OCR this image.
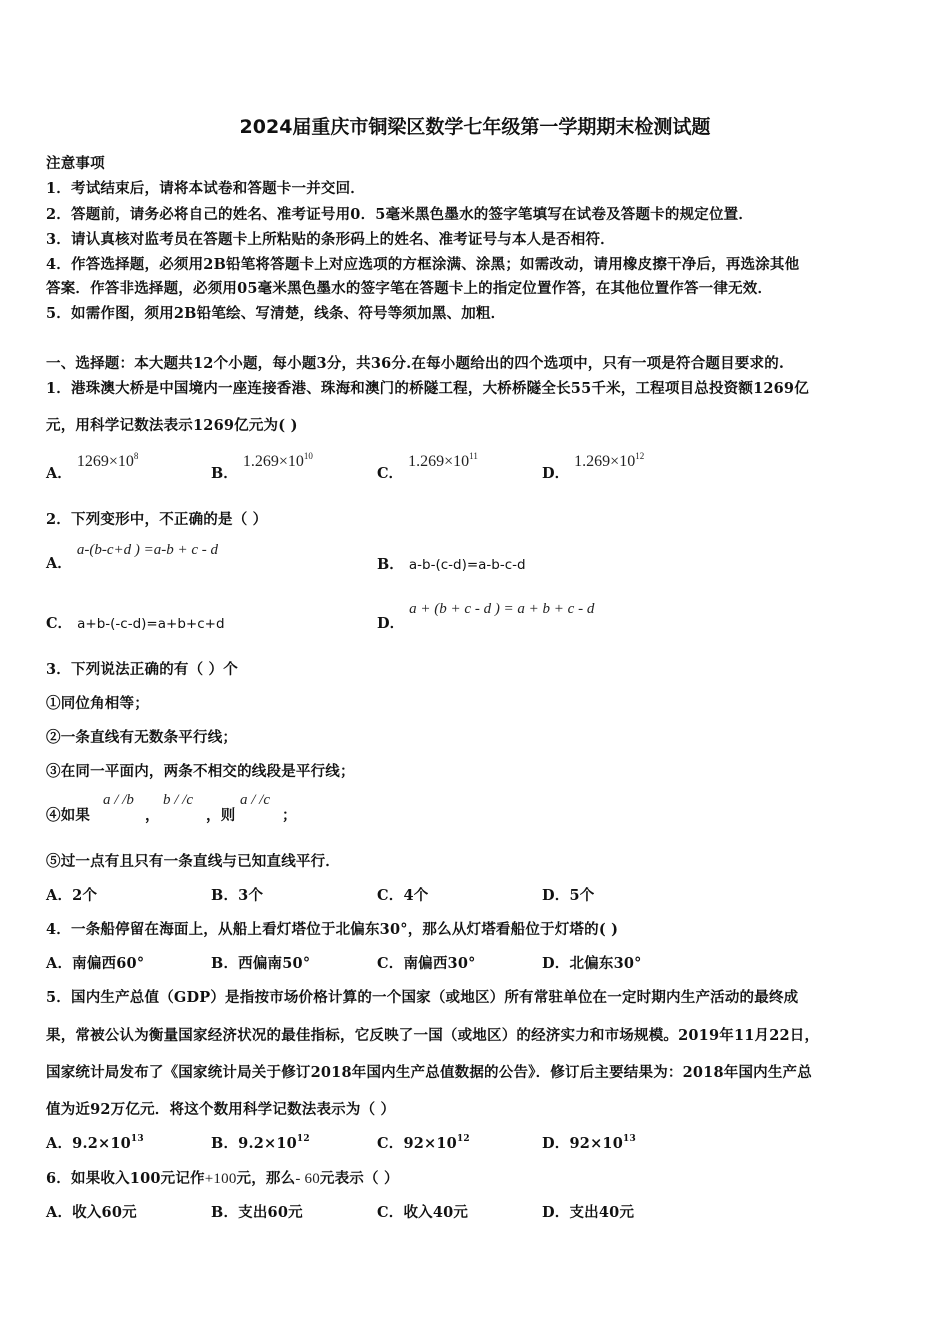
2024届重庆市铜梁区数学七年级第一学期期末检测试题
注意事项
1．考试结束后，请将本试卷和答题卡一并交回．
2．答题前，请务必将自己的姓名、准考证号用0．5毫米黑色墨水的签字笔填写在试卷及答题卡的规定位置．
3．请认真核对监考员在答题卡上所粘贴的条形码上的姓名、准考证号与本人是否相符．
4．作答选择题，必须用2B铅笔将答题卡上对应选项的方框涂满、涂黑；如需改动，请用橡皮擦干净后，再选涂其他
答案．作答非选择题，必须用05毫米黑色墨水的签字笔在答题卡上的指定位置作答，在其他位置作答一律无效．
5．如需作图，须用2B铅笔绘、写清楚，线条、符号等须加黑、加粗．
一、选择题：本大题共12个小题，每小题3分，共36分.在每小题给出的四个选项中，只有一项是符合题目要求的.
1．港珠澳大桥是中国境内一座连接香港、珠海和澳门的桥隧工程，大桥桥隧全长55千米，工程项目总投资额1269亿
元，用科学记数法表示1269亿元为( )
A． $1269\times 10^8$
B． $1.269\times 10^{10}$
C． $1.269\times 10^{11}$
D． $1.269\times 10^{12}$
2．下列变形中，不正确的是（ ）
A． a-(b-c+d ) =a-b + c - d
B． a-b-(c-d)=a-b-c-d
C． a+b-(-c-d)=a+b+c+d	D． a + (b + c - d ) = a + b + c - d
3．下列说法正确的有（ ）个
①同位角相等；
②一条直线有无数条平行线；
③在同一平面内，两条不相交的线段是平行线；
④如果
a / /b
，
b / /c
，则
a / /c
；
⑤过一点有且只有一条直线与已知直线平行．
A．2个	B．3个	C．4个	D．5个
4．一条船停留在海面上，从船上看灯塔位于北偏东30°，那么从灯塔看船位于灯塔的( )
A．南偏西60°	B．西偏南50°	C．南偏西30°	D．北偏东30°
5．国内生产总值（GDP）是指按市场价格计算的一个国家（或地区）所有常驻单位在一定时期内生产活动的最终成
果，常被公认为衡量国家经济状况的最佳指标，它反映了一国（或地区）的经济实力和市场规模。2019年11月22日，
国家统计局发布了《国家统计局关于修订2018年国内生产总值数据的公告》．修订后主要结果为：2018年国内生产总
值为近92万亿元．将这个数用科学记数法表示为（ ）
A．$9.2\times 10^{13}$	B．$9.2\times 10^{12}$	C．$92\times 10^{12}$	D．$92\times 10^{13}$
6．如果收入100元记作+100元，那么- 60元表示（ ）
A．收入60元	B．支出60元	C．收入40元	D．支出40元
